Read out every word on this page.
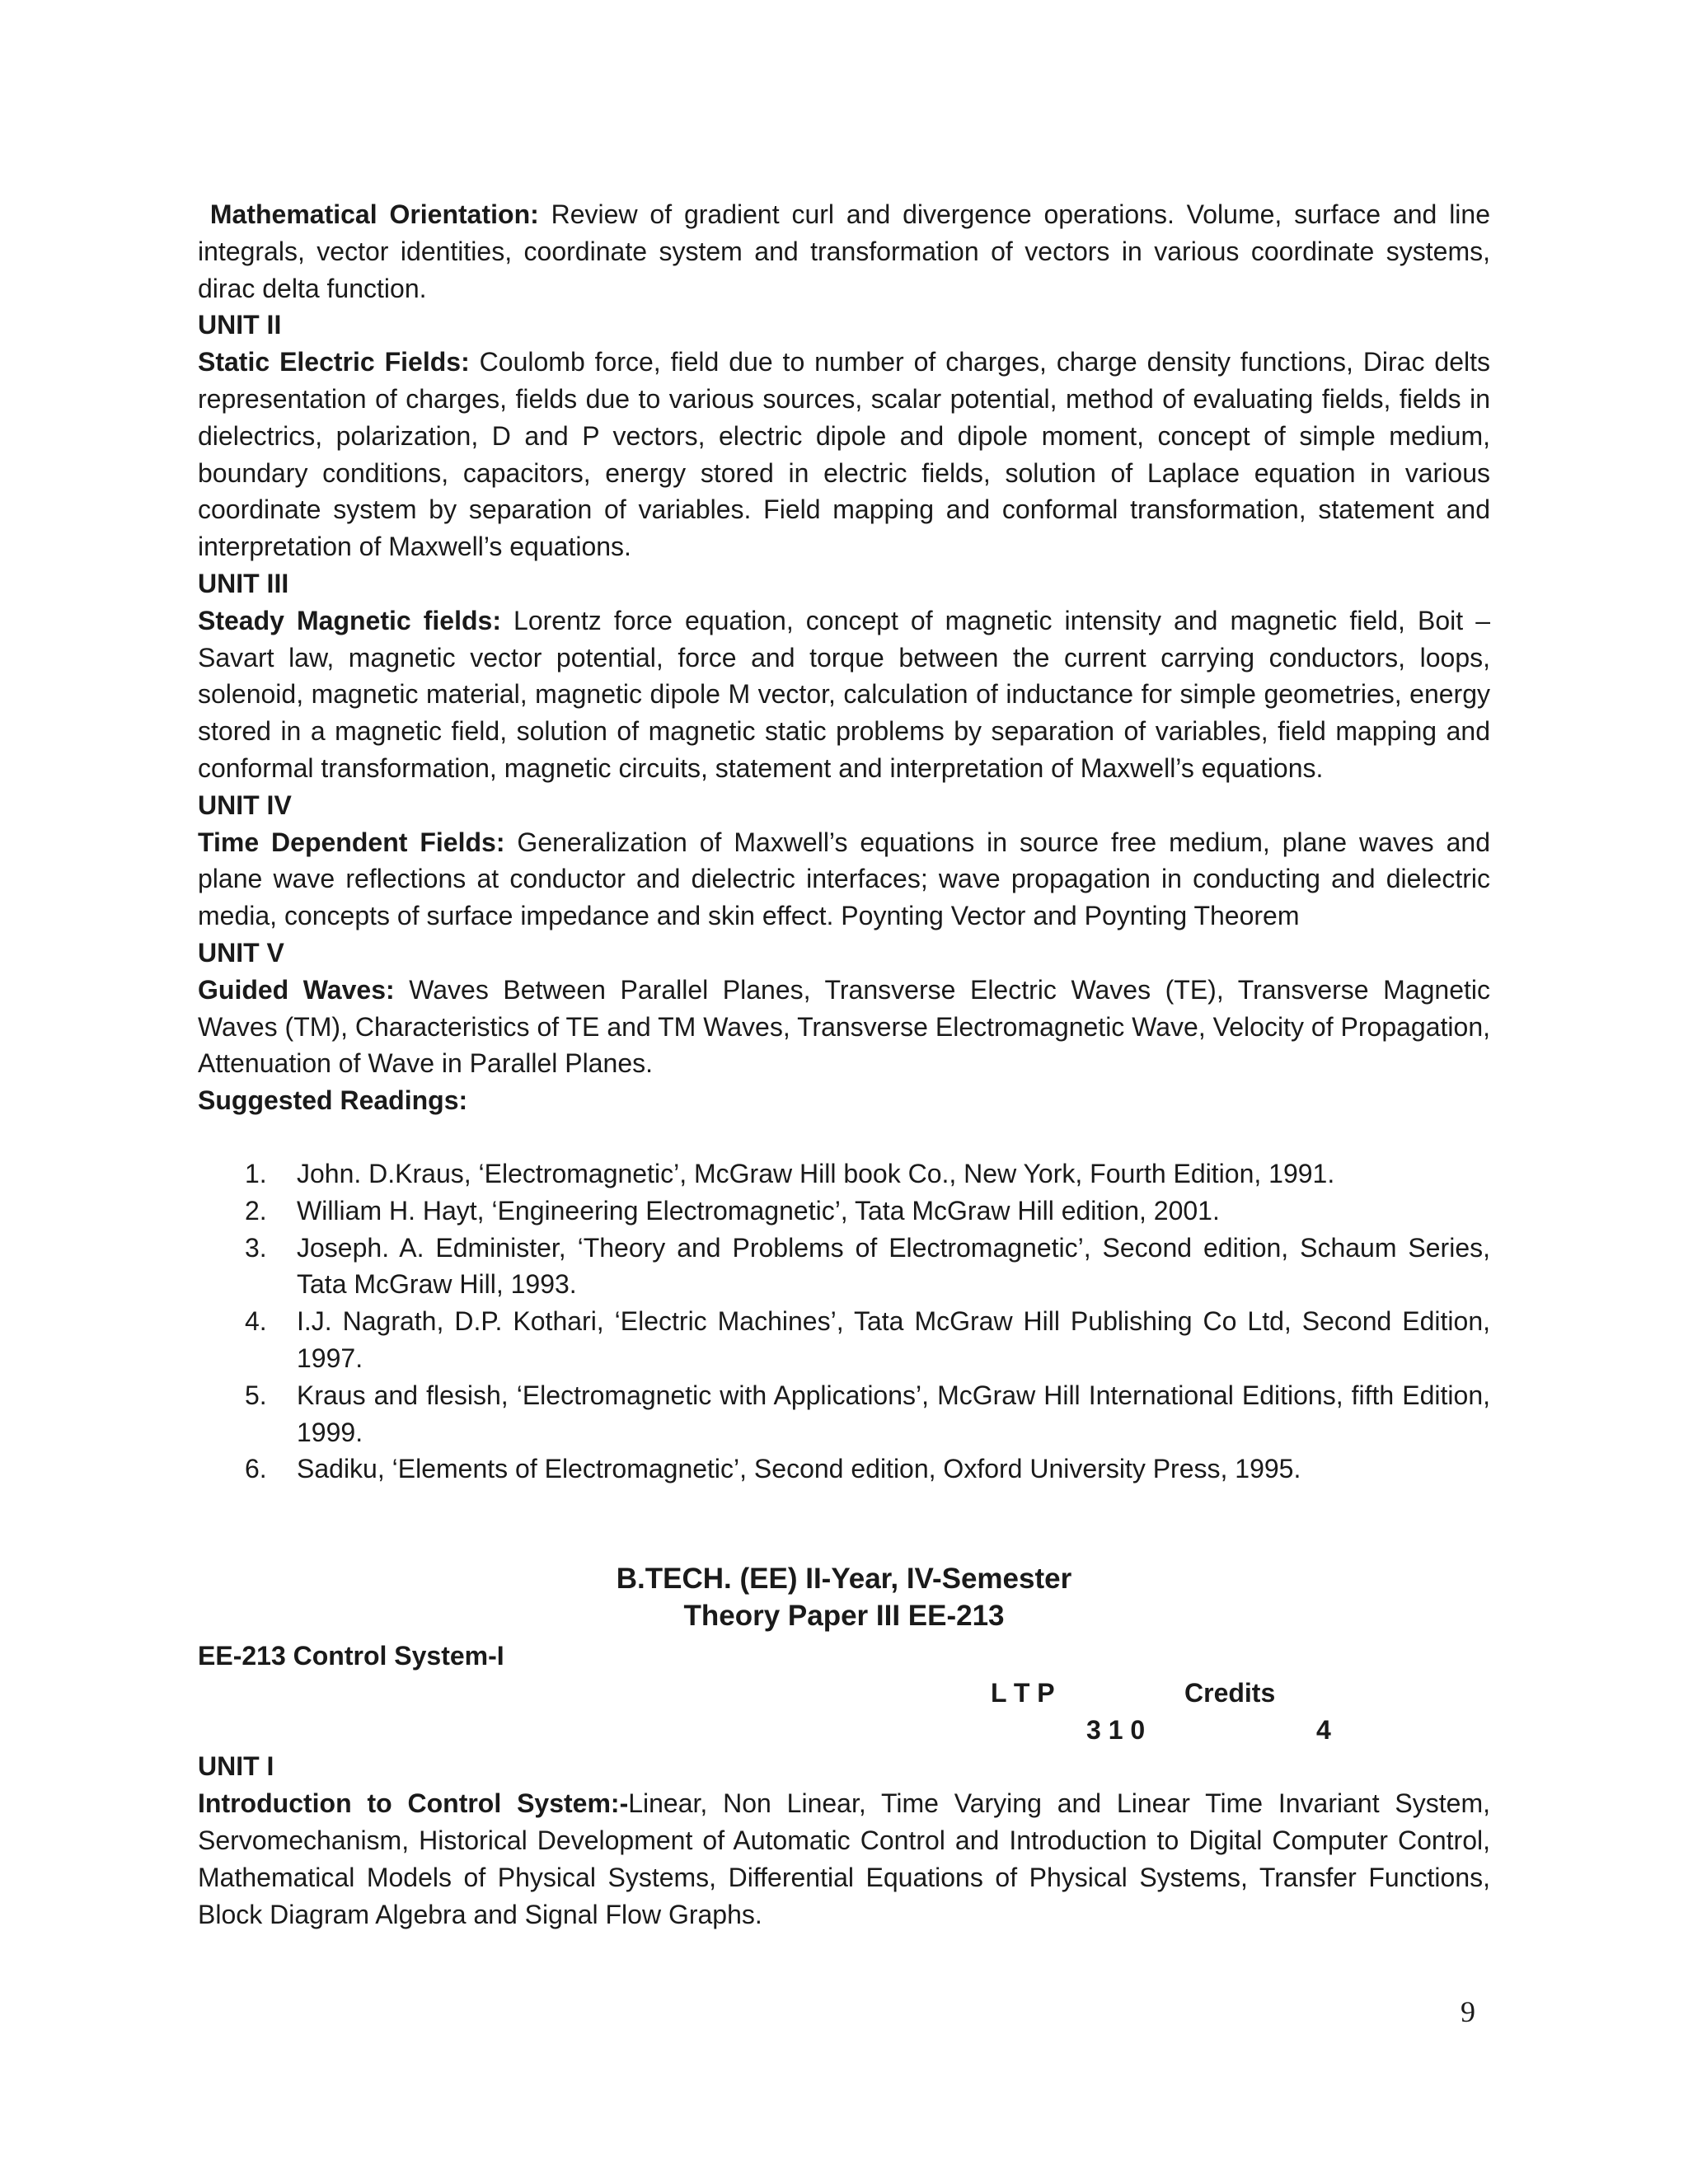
Mathematical Orientation: Review of gradient curl and divergence operations. Volume, surface and line integrals, vector identities, coordinate system and transformation of vectors in various coordinate systems, dirac delta function.

UNIT II

Static Electric Fields: Coulomb force, field due to number of charges, charge density functions, Dirac delts representation of charges, fields due to various sources, scalar potential, method of evaluating fields, fields in dielectrics, polarization, D and P vectors, electric dipole and dipole moment, concept of simple medium, boundary conditions, capacitors, energy stored in electric fields, solution of Laplace equation in various coordinate system by separation of variables. Field mapping and conformal transformation, statement and interpretation of Maxwell’s equations.

UNIT III

Steady Magnetic fields: Lorentz force equation, concept of magnetic intensity and magnetic field, Boit – Savart law, magnetic vector potential, force and torque between the current carrying conductors, loops, solenoid, magnetic material, magnetic dipole M vector, calculation of inductance for simple geometries, energy stored in a magnetic field, solution of magnetic static problems by separation of variables, field mapping and conformal transformation, magnetic circuits, statement and interpretation of Maxwell’s equations.

UNIT IV

Time Dependent Fields: Generalization of Maxwell’s equations in source free medium, plane waves and plane wave reflections at conductor and dielectric interfaces; wave propagation in conducting and dielectric media, concepts of surface impedance and skin effect. Poynting Vector and Poynting Theorem

UNIT V

Guided Waves: Waves Between Parallel Planes, Transverse Electric Waves (TE), Transverse Magnetic Waves (TM), Characteristics of TE and TM Waves, Transverse Electromagnetic Wave, Velocity of Propagation, Attenuation of Wave in Parallel Planes.

Suggested Readings:

1. John. D.Kraus, ‘Electromagnetic’, McGraw Hill book Co., New York, Fourth Edition, 1991.
2. William H. Hayt, ‘Engineering Electromagnetic’, Tata McGraw Hill edition, 2001.
3. Joseph. A. Edminister, ‘Theory and Problems of Electromagnetic’, Second edition, Schaum Series, Tata McGraw Hill, 1993.
4. I.J. Nagrath, D.P. Kothari, ‘Electric Machines’, Tata McGraw Hill Publishing Co Ltd, Second Edition, 1997.
5. Kraus and flesish, ‘Electromagnetic with Applications’, McGraw Hill International Editions, fifth Edition, 1999.
6. Sadiku, ‘Elements of Electromagnetic’, Second edition, Oxford University Press, 1995.

B.TECH. (EE) II-Year, IV-Semester

Theory Paper III EE-213

EE-213 Control System-I

L T P	Credits
3 1 0	4

UNIT I

Introduction to Control System:-Linear, Non Linear, Time Varying and Linear Time Invariant System, Servomechanism, Historical Development of Automatic Control and Introduction to Digital Computer Control, Mathematical Models of Physical Systems, Differential Equations of Physical Systems, Transfer Functions, Block Diagram Algebra and Signal Flow Graphs.

9
